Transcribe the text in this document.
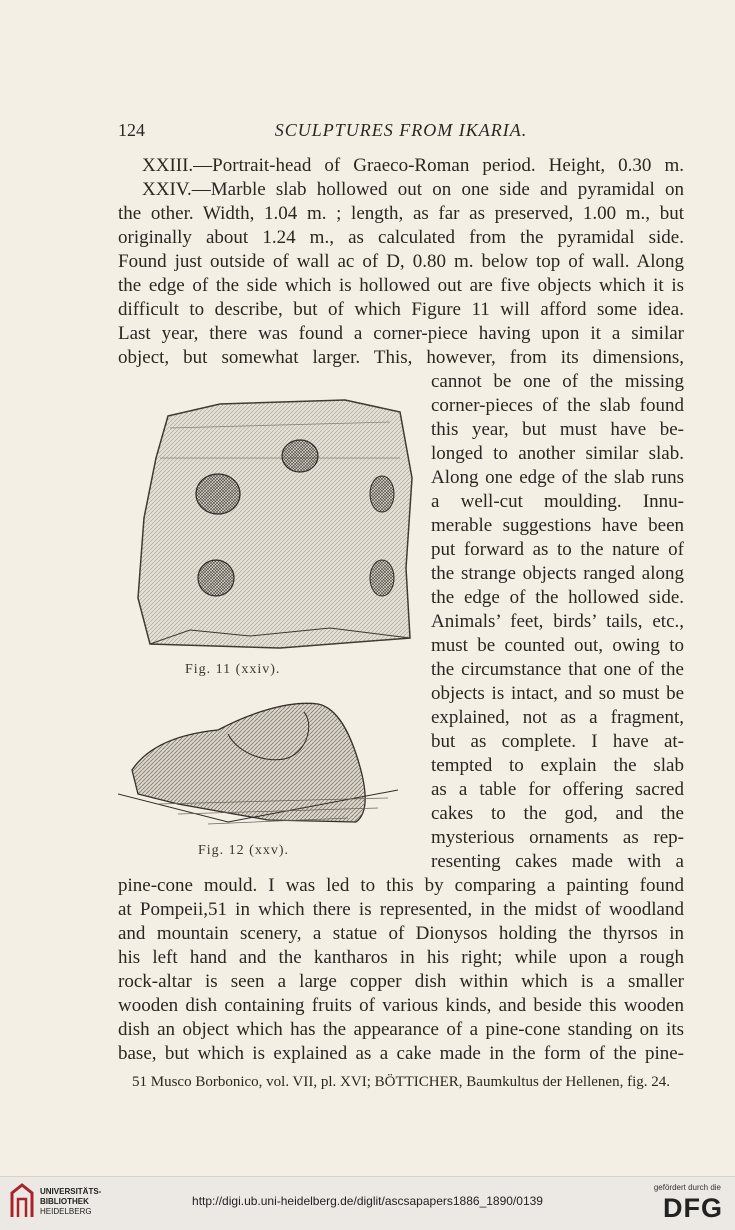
124	SCULPTURES FROM IKARIA.
XXIII.—Portrait-head of Graeco-Roman period. Height, 0.30 m.
XXIV.—Marble slab hollowed out on one side and pyramidal on
the other. Width, 1.04 m. ; length, as far as preserved, 1.00 m., but
originally about 1.24 m., as calculated from the pyramidal side.
Found just outside of wall ac of D, 0.80 m. below top of wall. Along
the edge of the side which is hollowed out are five objects which it is
difficult to describe, but of which Figure 11 will afford some idea.
Last year, there was found a corner-piece having upon it a similar
object, but somewhat larger. This, however, from its dimensions,
cannot be one of the missing
corner-pieces of the slab found
this year, but must have be-
longed to another similar slab.
Along one edge of the slab runs
a well-cut moulding. Innu-
merable suggestions have been
put forward as to the nature of
the strange objects ranged along
the edge of the hollowed side.
Animals’ feet, birds’ tails, etc.,
must be counted out, owing to
the circumstance that one of the
objects is intact, and so must be
explained, not as a fragment,
but as complete. I have at-
tempted to explain the slab
as a table for offering sacred
cakes to the god, and the
mysterious ornaments as rep-
resenting cakes made with a
pine-cone mould. I was led to this by comparing a painting found
at Pompeii,51 in which there is represented, in the midst of woodland
and mountain scenery, a statue of Dionysos holding the thyrsos in
his left hand and the kantharos in his right; while upon a rough
rock-altar is seen a large copper dish within which is a smaller
wooden dish containing fruits of various kinds, and beside this wooden
dish an object which has the appearance of a pine-cone standing on its
base, but which is explained as a cake made in the form of the pine-
51 Musco Borbonico, vol. VII, pl. XVI; BÖTTICHER, Baumkultus der Hellenen, fig. 24.
Fig. 11 (xxiv).
Fig. 12 (xxv).
UNIVERSITÄTS-
BIBLIOTHEK
HEIDELBERG
http://digi.ub.uni-heidelberg.de/diglit/ascsapapers1886_1890/0139
gefördert durch die
DFG
